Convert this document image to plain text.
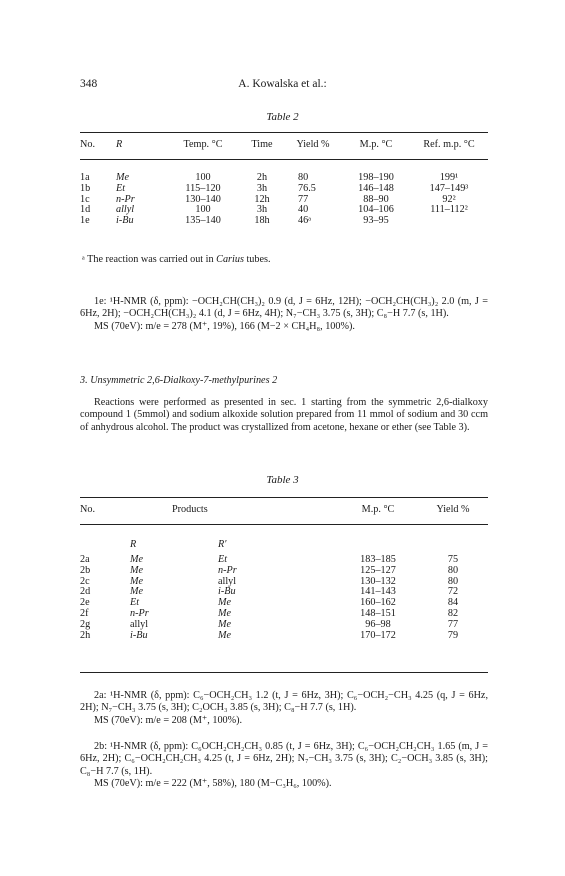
348	A. Kowalska et al.:
Table 2
No.	R	Temp. °C	Time	Yield %	M.p. °C	Ref. m.p. °C
1a	Me	100	2h	80	198–190	199¹
1b	Et	115–120	3h	76.5	146–148	147–149³
1c	n-Pr	130–140	12h	77	88–90	92²
1d	allyl	100	3h	40	104–106	111–112²
1e	i-Bu	135–140	18h	46ᵃ	93–95	
ᵃ The reaction was carried out in Carius tubes.

1e: ¹H-NMR (δ, ppm): −OCH₂CH(CH₃)₂ 0.9 (d, J = 6Hz, 12H); −OCH₂CH(CH₃)₂ 2.0 (m, J = 6Hz, 2H); −OCH₂CH(CH₃)₂ 4.1 (d, J = 6Hz, 4H); N₇−CH₃ 3.75 (s, 3H); C₈−H 7.7 (s, 1H).

MS (70eV): m/e = 278 (M⁺, 19%), 166 (M−2 × CH₄H₈, 100%).

3. Unsymmetric 2,6-Dialkoxy-7-methylpurines 2

Reactions were performed as presented in sec. 1 starting from the symmetric 2,6-dialkoxy compound 1 (5mmol) and sodium alkoxide solution prepared from 11 mmol of sodium and 30 ccm of anhydrous alcohol. The product was crystallized from acetone, hexane or ether (see Table 3).

Table 3
No.	Products	M.p. °C	Yield %
	R	R′		
2a	Me	Et	183–185	75
2b	Me	n-Pr	125–127	80
2c	Me	allyl	130–132	80
2d	Me	i-Bu	141–143	72
2e	Et	Me	160–162	84
2f	n-Pr	Me	148–151	82
2g	allyl	Me	96–98	77
2h	i-Bu	Me	170–172	79

2a: ¹H-NMR (δ, ppm): C₆−OCH₂CH₃ 1.2 (t, J = 6Hz, 3H); C₆−OCH₂−CH₃ 4.25 (q, J = 6Hz, 2H); N₇−CH₃ 3.75 (s, 3H); C₂OCH₃ 3.85 (s, 3H); C₈−H 7.7 (s, 1H).

MS (70eV): m/e = 208 (M⁺, 100%).

2b: ¹H-NMR (δ, ppm): C₆OCH₂CH₂CH₃ 0.85 (t, J = 6Hz, 3H); C₆−OCH₂CH₂CH₃ 1.65 (m, J = 6Hz, 2H); C₆−OCH₂CH₂CH₃ 4.25 (t, J = 6Hz, 2H); N₇−CH₃ 3.75 (s, 3H); C₂−OCH₃ 3.85 (s, 3H); C₈−H 7.7 (s, 1H).

MS (70eV): m/e = 222 (M⁺, 58%), 180 (M−C₃H₆, 100%).
